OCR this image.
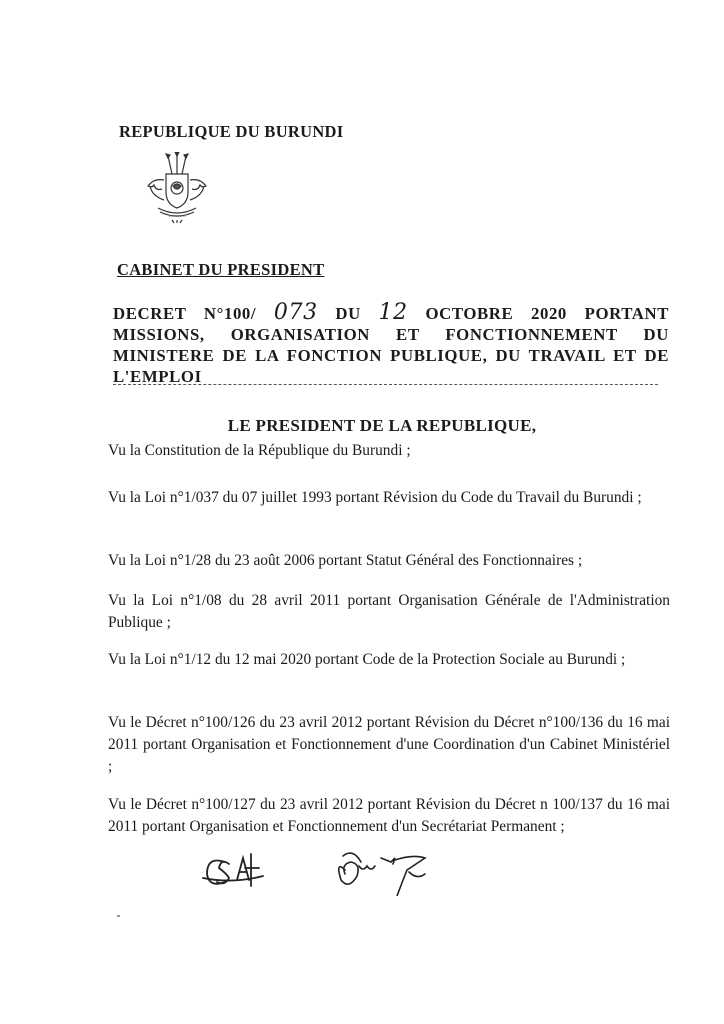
REPUBLIQUE DU BURUNDI
~~~~~~~~
CABINET DU PRESIDENT
DECRET N°100/ 073 DU 12 OCTOBRE 2020 PORTANT MISSIONS, ORGANISATION ET FONCTIONNEMENT DU MINISTERE DE LA FONCTION PUBLIQUE, DU TRAVAIL ET DE L'EMPLOI
LE PRESIDENT DE LA REPUBLIQUE,

Vu la Constitution de la République du Burundi ;

Vu la Loi n°1/037 du 07 juillet 1993 portant Révision du Code du Travail du Burundi ;

Vu la Loi n°1/28 du 23 août 2006 portant Statut Général des Fonctionnaires ;

Vu la Loi n°1/08 du 28 avril 2011 portant Organisation Générale de l'Administration Publique ;

Vu la Loi n°1/12 du 12 mai 2020 portant Code de la Protection Sociale au Burundi ;

Vu le Décret n°100/126 du 23 avril 2012 portant Révision du Décret n°100/136 du 16 mai 2011 portant Organisation et Fonctionnement d'une Coordination d'un Cabinet Ministériel ;

Vu le Décret n°100/127 du 23 avril 2012 portant Révision du Décret n 100/137 du 16 mai 2011 portant Organisation et Fonctionnement d'un Secrétariat Permanent ;
